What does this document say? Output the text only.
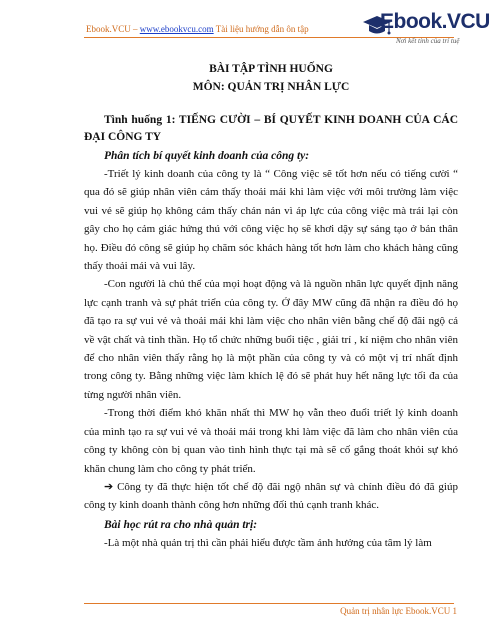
Ebook.VCU – www.ebookvcu.com Tài liệu hướng dẫn ôn tập	Ebook.VCU
Nơi kết tinh của trí tuệ

BÀI TẬP TÌNH HUỐNG

MÔN: QUẢN TRỊ NHÂN LỰC

Tình huống 1: TIẾNG CƯỜI – BÍ QUYẾT KINH DOANH CỦA CÁC ĐẠI CÔNG TY

Phân tích bí quyết kinh doanh của công ty:

-Triết lý kinh doanh của công ty là “ Công việc sẽ tốt hơn nếu có tiếng cười “ qua đó sẽ giúp nhân viên cảm thấy thoải mái khi làm việc với môi trường làm việc vui vẻ sẽ giúp họ không cảm thấy chán nản vì áp lực của công việc mà trái lại còn gây cho họ cảm giác hứng thú với công việc họ sẽ khơi dậy sự sáng tạo ở bản thân họ. Điều đó công sẽ giúp họ chăm sóc khách hàng tốt hơn làm cho khách hàng cũng thấy thoải mái và vui lây.

-Con người là chủ thể của mọi hoạt động và là nguồn nhân lực quyết định năng lực cạnh tranh và sự phát triển của công ty. Ở đây MW cũng đã nhận ra điều đó họ đã tạo ra sự vui vẻ và thoải mái khi làm việc cho nhân viên bằng chế độ đãi ngộ cả về vật chất và tinh thần. Họ tổ chức những buổi tiệc , giải trí , kỉ niệm cho nhân viên để cho nhân viên thấy rằng họ là một phần của công ty và có một vị trí nhất định trong công ty. Bằng những việc làm khích lệ đó sẽ phát huy hết năng lực tối đa của từng người nhân viên.

-Trong thời điểm khó khăn nhất thì MW họ vẫn theo đuổi triết lý kinh doanh của mình tạo ra sự vui vẻ và thoải mái trong khi làm việc đã làm cho nhân viên của công ty không còn bị quan vào tình hình thực tại mà sẽ cố gắng thoát khỏi sự khó khăn chung làm cho công ty phát triển.

➔ Công ty đã thực hiện tốt chế độ đãi ngộ nhân sự và chính điều đó đã giúp công ty kinh doanh thành công hơn những đối thủ cạnh tranh khác.

Bài học rút ra cho nhà quản trị:

-Là một nhà quản trị thì cần phải hiểu được tầm ảnh hưởng của tâm lý làm

Quản trị nhân lực Ebook.VCU 1
